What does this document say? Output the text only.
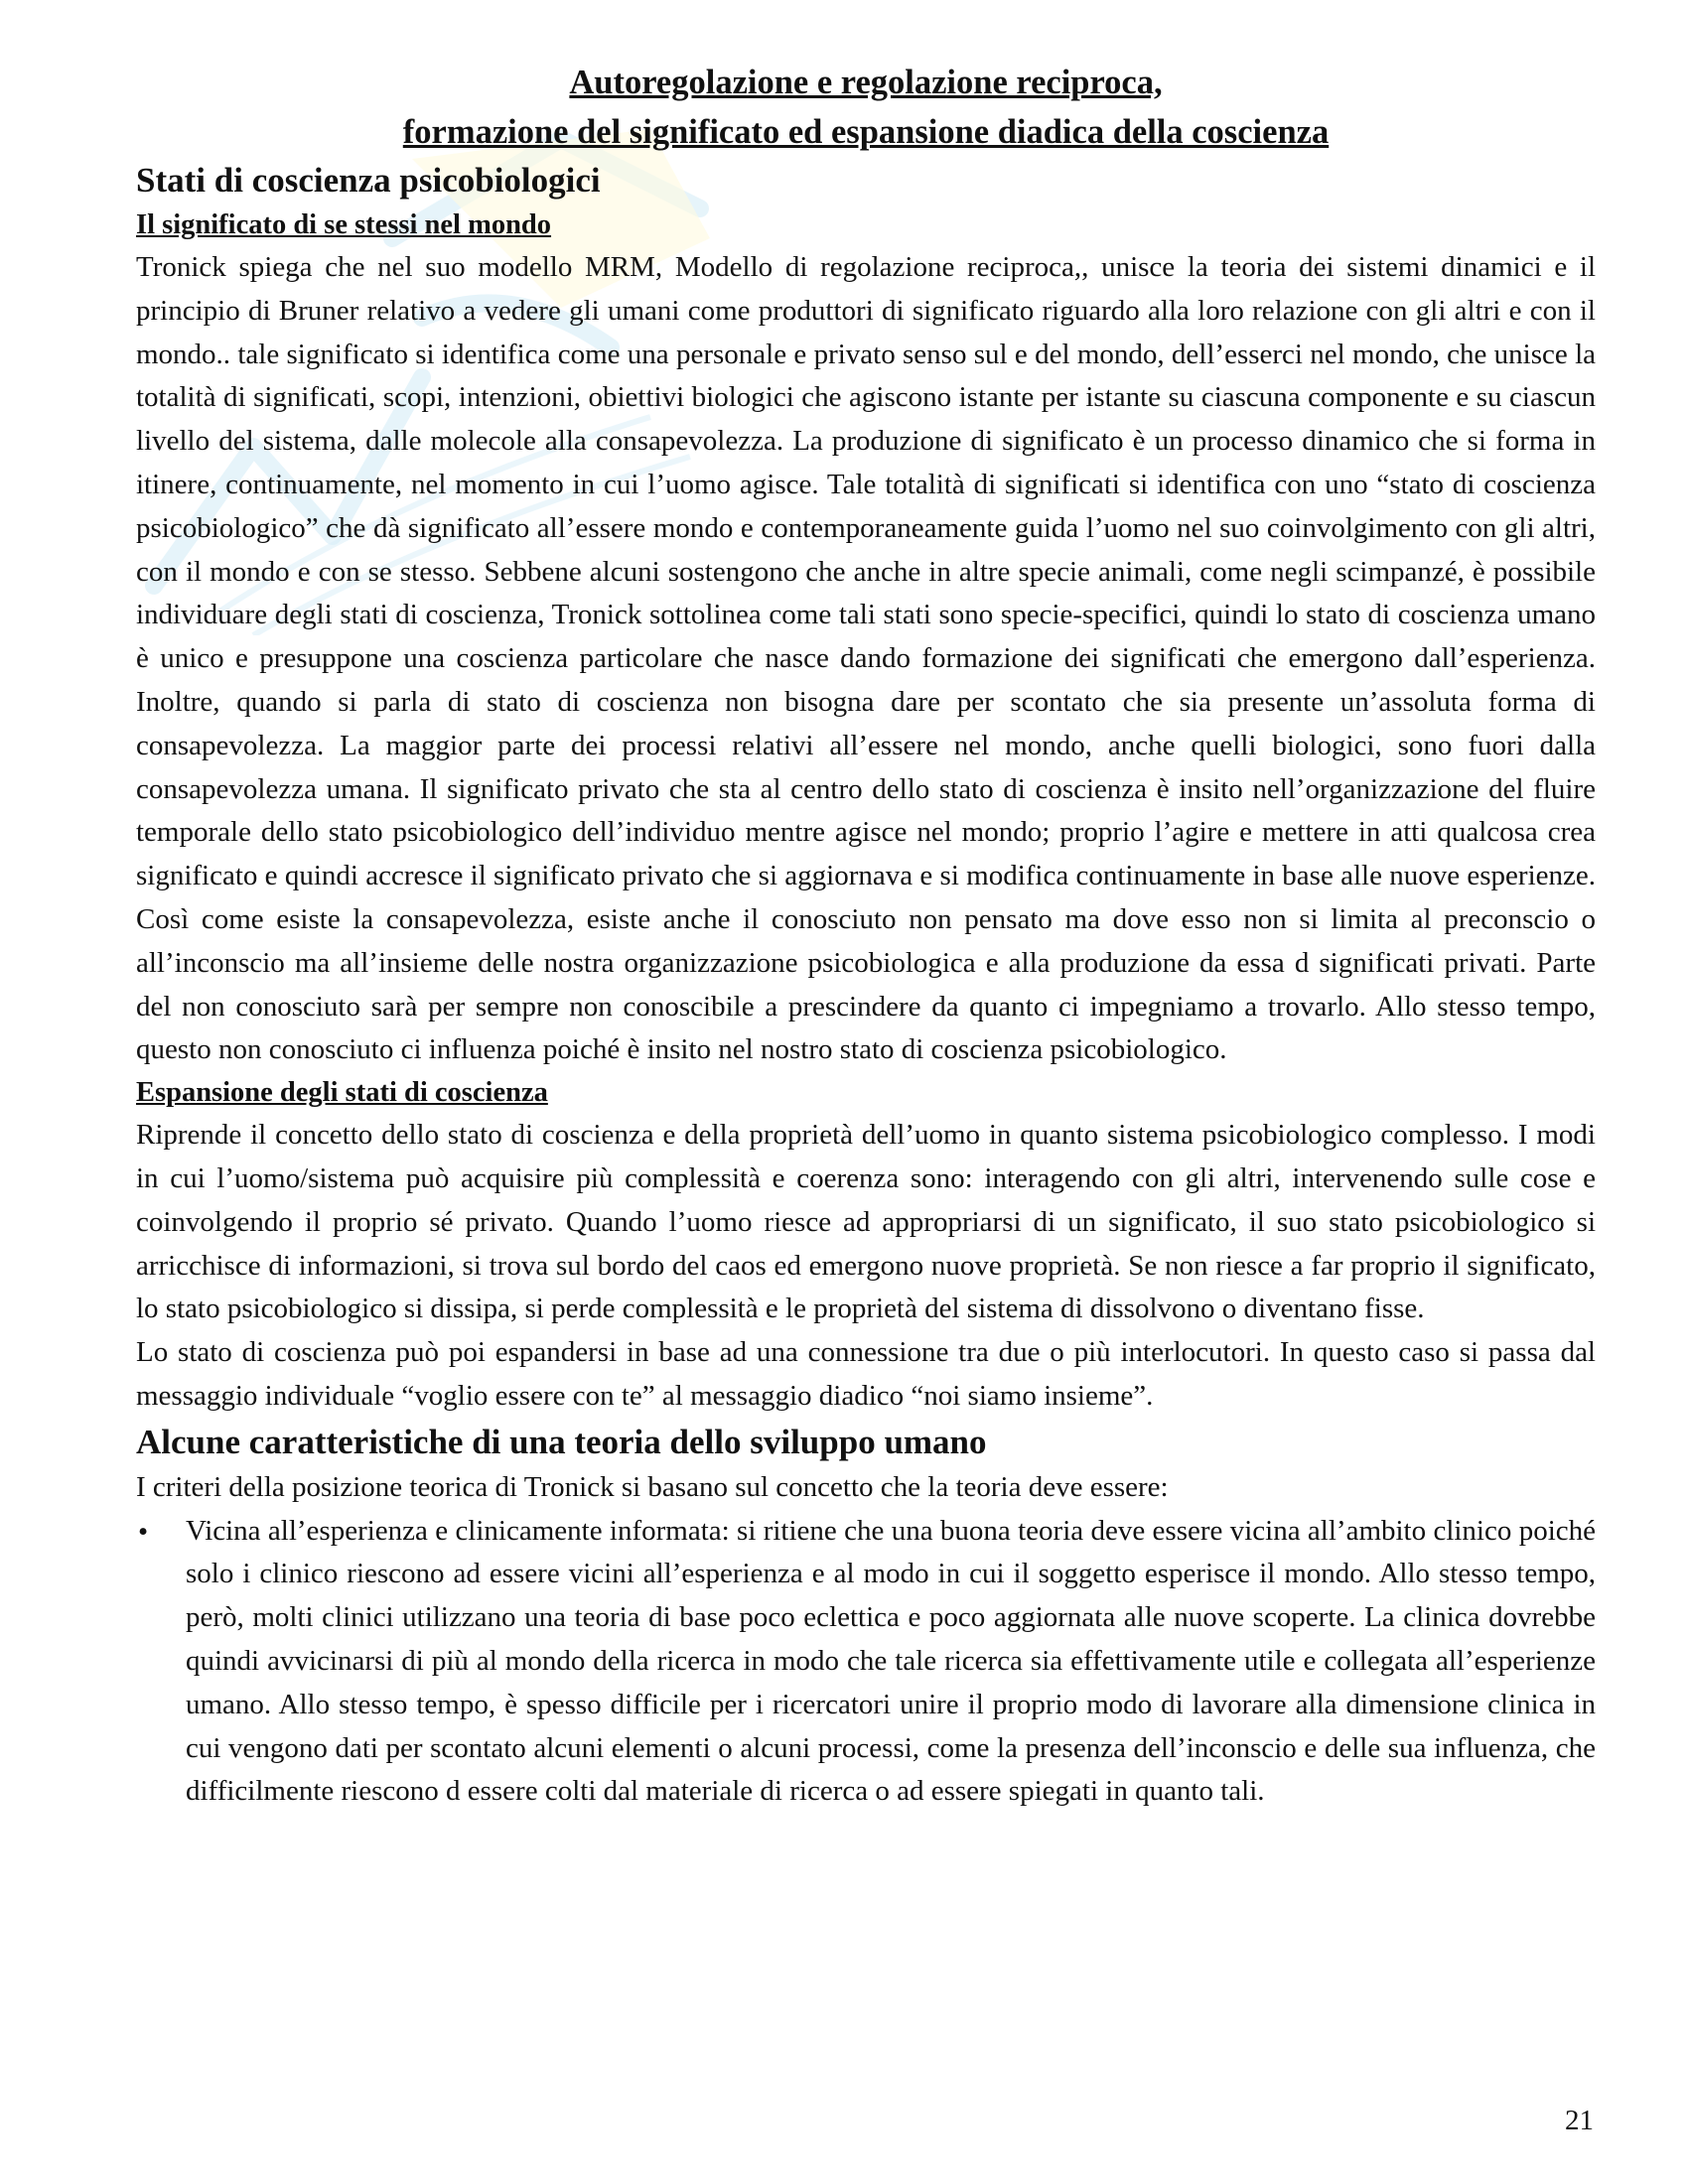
Autoregolazione e regolazione reciproca,

formazione del significato ed espansione diadica della coscienza

Stati di coscienza psicobiologici
Il significato di se stessi nel mondo

Tronick spiega che nel suo modello MRM, Modello di regolazione reciproca,, unisce la teoria dei sistemi dinamici e il principio di Bruner relativo a vedere gli umani come produttori di significato riguardo alla loro relazione con gli altri e con il mondo.. tale significato si identifica come una personale e privato senso sul e del mondo, dell’esserci nel mondo, che unisce la totalità di significati, scopi, intenzioni, obiettivi biologici che agiscono istante per istante su ciascuna componente e su ciascun livello del sistema, dalle molecole alla consapevolezza. La produzione di significato è un processo dinamico che si forma in itinere, continuamente, nel momento in cui l’uomo agisce. Tale totalità di significati si identifica con uno “stato di coscienza psicobiologico” che dà significato all’essere mondo e contemporaneamente guida l’uomo nel suo coinvolgimento con gli altri, con il mondo e con se stesso. Sebbene alcuni sostengono che anche in altre specie animali, come negli scimpanzé, è possibile individuare degli stati di coscienza, Tronick sottolinea come tali stati sono specie-specifici, quindi lo stato di coscienza umano è unico e presuppone una coscienza particolare che nasce dando formazione dei significati che emergono dall’esperienza. Inoltre, quando si parla di stato di coscienza non bisogna dare per scontato che sia presente un’assoluta forma di consapevolezza. La maggior parte dei processi relativi all’essere nel mondo, anche quelli biologici, sono fuori dalla consapevolezza umana. Il significato privato che sta al centro dello stato di coscienza è insito nell’organizzazione del fluire temporale dello stato psicobiologico dell’individuo mentre agisce nel mondo; proprio l’agire e mettere in atti qualcosa crea significato e quindi accresce il significato privato che si aggiornava e si modifica continuamente in base alle nuove esperienze. Così come esiste la consapevolezza, esiste anche il conosciuto non pensato ma dove esso non si limita al preconscio o all’inconscio ma all’insieme delle nostra organizzazione psicobiologica e alla produzione da essa d significati privati. Parte del non conosciuto sarà per sempre non conoscibile a prescindere da quanto ci impegniamo a trovarlo. Allo stesso tempo, questo non conosciuto ci influenza poiché è insito nel nostro stato di coscienza psicobiologico.

Espansione degli stati di coscienza

Riprende il concetto dello stato di coscienza e della proprietà dell’uomo in quanto sistema psicobiologico complesso. I modi in cui l’uomo/sistema può acquisire più complessità e coerenza sono: interagendo con gli altri, intervenendo sulle cose e coinvolgendo il proprio sé privato. Quando l’uomo riesce ad appropriarsi di un significato, il suo stato psicobiologico si arricchisce di informazioni, si trova sul bordo del caos ed emergono nuove proprietà. Se non riesce a far proprio il significato, lo stato psicobiologico si dissipa, si perde complessità e le proprietà del sistema di dissolvono o diventano fisse.

Lo stato di coscienza può poi espandersi in base ad una connessione tra due o più interlocutori. In questo caso si passa dal messaggio individuale “voglio essere con te” al messaggio diadico “noi siamo insieme”.

Alcune caratteristiche di una teoria dello sviluppo umano

I criteri della posizione teorica di Tronick si basano sul concetto che la teoria deve essere:

• Vicina all’esperienza e clinicamente informata: si ritiene che una buona teoria deve essere vicina all’ambito clinico poiché solo i clinico riescono ad essere vicini all’esperienza e al modo in cui il soggetto esperisce il mondo. Allo stesso tempo, però, molti clinici utilizzano una teoria di base poco eclettica e poco aggiornata alle nuove scoperte. La clinica dovrebbe quindi avvicinarsi di più al mondo della ricerca in modo che tale ricerca sia effettivamente utile e collegata all’esperienze umano. Allo stesso tempo, è spesso difficile per i ricercatori unire il proprio modo di lavorare alla dimensione clinica in cui vengono dati per scontato alcuni elementi o alcuni processi, come la presenza dell’inconscio e delle sua influenza, che difficilmente riescono d essere colti dal materiale di ricerca o ad essere spiegati in quanto tali.

21
